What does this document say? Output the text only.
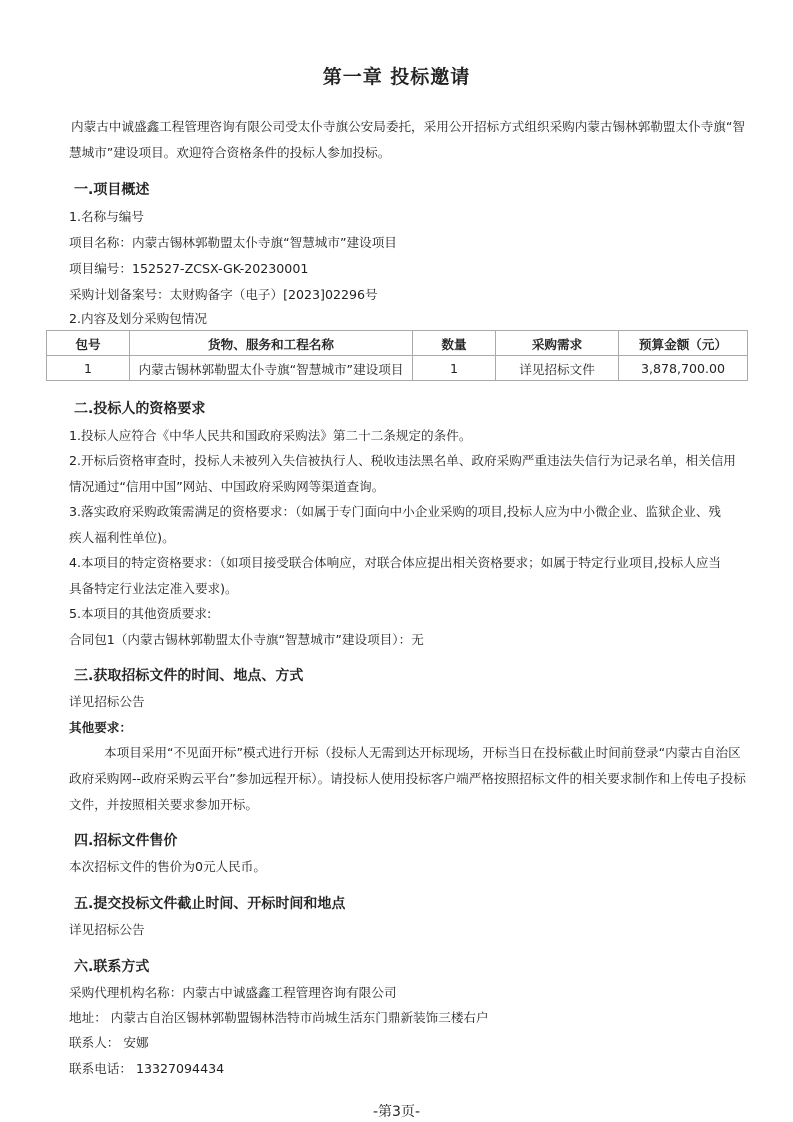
第一章 投标邀请
内蒙古中诚盛鑫工程管理咨询有限公司受太仆寺旗公安局委托，采用公开招标方式组织采购内蒙古锡林郭勒盟太仆寺旗“智慧城市”建设项目。欢迎符合资格条件的投标人参加投标。
一.项目概述
1.名称与编号
项目名称：内蒙古锡林郭勒盟太仆寺旗“智慧城市”建设项目
项目编号：152527-ZCSX-GK-20230001
采购计划备案号：太财购备字（电子）[2023]02296号
2.内容及划分采购包情况
包号	货物、服务和工程名称	数量	采购需求	预算金额（元）
1	内蒙古锡林郭勒盟太仆寺旗“智慧城市”建设项目	1	详见招标文件	3,878,700.00
二.投标人的资格要求
1.投标人应符合《中华人民共和国政府采购法》第二十二条规定的条件。
2.开标后资格审查时，投标人未被列入失信被执行人、税收违法黑名单、政府采购严重违法失信行为记录名单，相关信用
情况通过“信用中国”网站、中国政府采购网等渠道查询。
3.落实政府采购政策需满足的资格要求：（如属于专门面向中小企业采购的项目,投标人应为中小微企业、监狱企业、残
疾人福利性单位)。
4.本项目的特定资格要求：（如项目接受联合体响应，对联合体应提出相关资格要求；如属于特定行业项目,投标人应当
具备特定行业法定准入要求)。
5.本项目的其他资质要求:
合同包1（内蒙古锡林郭勒盟太仆寺旗“智慧城市”建设项目）：无
三.获取招标文件的时间、地点、方式
详见招标公告
其他要求：
本项目采用“不见面开标”模式进行开标（投标人无需到达开标现场，开标当日在投标截止时间前登录“内蒙古自治区
政府采购网--政府采购云平台”参加远程开标）。请投标人使用投标客户端严格按照招标文件的相关要求制作和上传电子投标
文件，并按照相关要求参加开标。
四.招标文件售价
本次招标文件的售价为0元人民币。
五.提交投标文件截止时间、开标时间和地点
详见招标公告
六.联系方式
采购代理机构名称：内蒙古中诚盛鑫工程管理咨询有限公司
地址： 内蒙古自治区锡林郭勒盟锡林浩特市尚城生活东门鼎新装饰三楼右户
联系人： 安娜
联系电话： 13327094434
-第3页-
